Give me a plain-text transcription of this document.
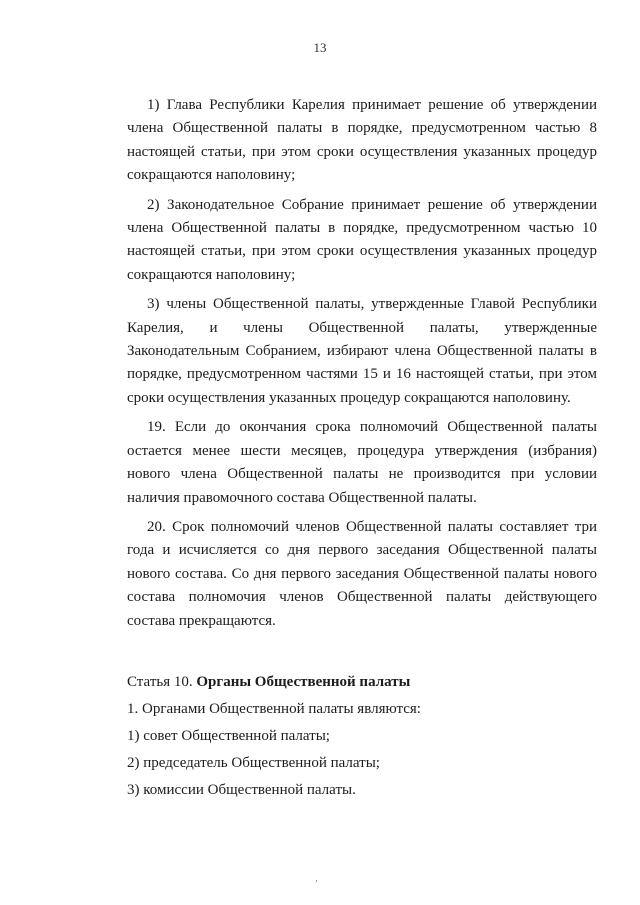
13

1) Глава Республики Карелия принимает решение об утверждении члена Общественной палаты в порядке, предусмотренном частью 8 настоящей статьи, при этом сроки осуществления указанных процедур сокращаются наполовину;

2) Законодательное Собрание принимает решение об утверждении члена Общественной палаты в порядке, предусмотренном частью 10 настоящей статьи, при этом сроки осуществления указанных процедур сокращаются наполовину;

3) члены Общественной палаты, утвержденные Главой Республики Карелия, и члены Общественной палаты, утвержденные Законодательным Собранием, избирают члена Общественной палаты в порядке, предусмотренном частями 15 и 16 настоящей статьи, при этом сроки осуществления указанных процедур сокращаются наполовину.

19. Если до окончания срока полномочий Общественной палаты остается менее шести месяцев, процедура утверждения (избрания) нового члена Общественной палаты не производится при условии наличия правомочного состава Общественной палаты.

20. Срок полномочий членов Общественной палаты составляет три года и исчисляется со дня первого заседания Общественной палаты нового состава. Со дня первого заседания Общественной палаты нового состава полномочия членов Общественной палаты действующего состава прекращаются.

Статья 10. Органы Общественной палаты
1. Органами Общественной палаты являются:
1) совет Общественной палаты;
2) председатель Общественной палаты;
3) комиссии Общественной палаты.
